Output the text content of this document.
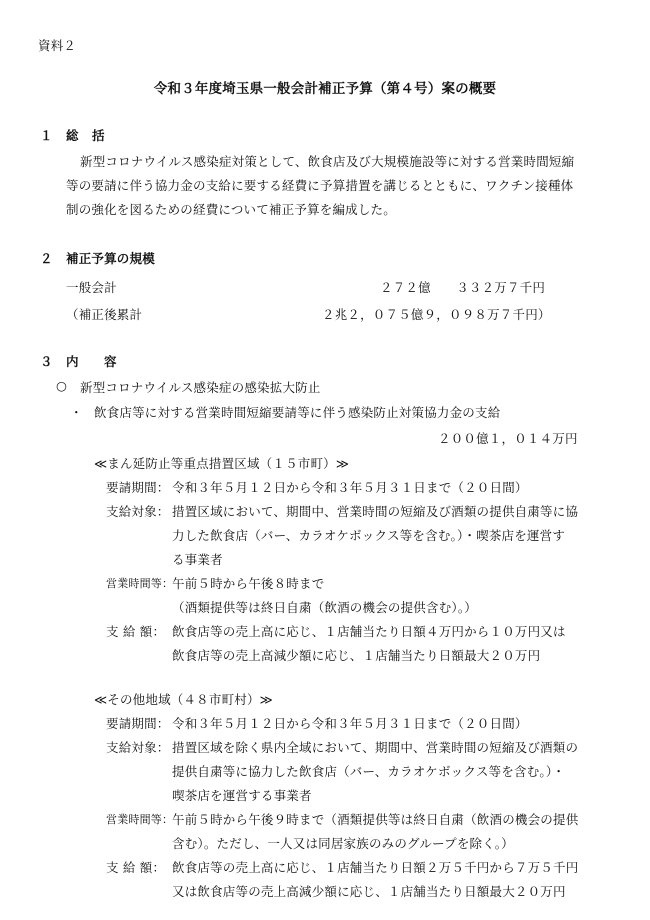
資料２
令和３年度埼玉県一般会計補正予算（第４号）案の概要
１ 総 括
新型コロナウイルス感染症対策として、飲食店及び大規模施設等に対する営業時間短縮
等の要請に伴う協力金の支給に要する経費に予算措置を講じるとともに、ワクチン接種体
制の強化を図るための経費について補正予算を編成した。
２ 補正予算の規模
一般会計	２７２億　　３３２万７千円
（補正後累計	２兆２，０７５億９，０９８万７千円）
３ 内 容
○ 新型コロナウイルス感染症の感染拡大防止
・ 飲食店等に対する営業時間短縮要請等に伴う感染防止対策協力金の支給
２００億１，０１４万円
≪まん延防止等重点措置区域（１５市町）≫
要請期間： 令和３年５月１２日から令和３年５月３１日まで（２０日間）
支給対象： 措置区域において、期間中、営業時間の短縮及び酒類の提供自粛等に協
力した飲食店（バー、カラオケボックス等を含む。）・喫茶店を運営す
る事業者
営業時間等：
午前５時から午後８時まで
（酒類提供等は終日自粛（飲酒の機会の提供含む）。）
支 給 額： 飲食店等の売上高に応じ、１店舗当たり日額４万円から１０万円又は
飲食店等の売上高減少額に応じ、１店舗当たり日額最大２０万円
≪その他地域（４８市町村）≫
要請期間： 令和３年５月１２日から令和３年５月３１日まで（２０日間）
支給対象： 措置区域を除く県内全域において、期間中、営業時間の短縮及び酒類の
提供自粛等に協力した飲食店（バー、カラオケボックス等を含む。）・
喫茶店を運営する事業者
営業時間等：
午前５時から午後９時まで（酒類提供等は終日自粛（飲酒の機会の提供
含む）。ただし、一人又は同居家族のみのグループを除く。）
支 給 額： 飲食店等の売上高に応じ、１店舗当たり日額２万５千円から７万５千円
又は飲食店等の売上高減少額に応じ、１店舗当たり日額最大２０万円
